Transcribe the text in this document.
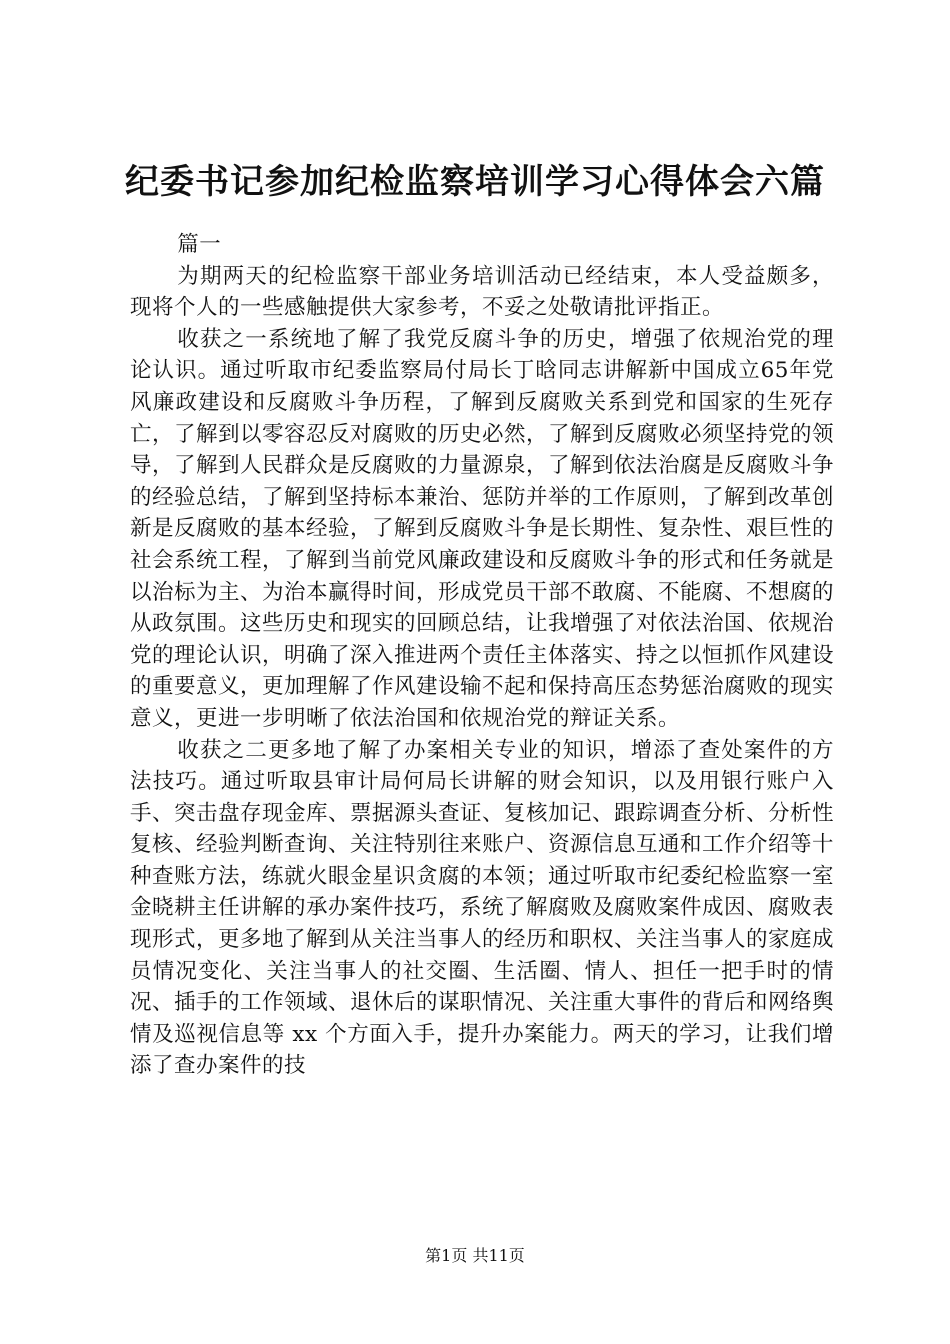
纪委书记参加纪检监察培训学习心得体会六篇

篇一

为期两天的纪检监察干部业务培训活动已经结束，本人受益颇多，现将个人的一些感触提供大家参考，不妥之处敬请批评指正。

收获之一系统地了解了我党反腐斗争的历史，增强了依规治党的理论认识。通过听取市纪委监察局付局长丁晗同志讲解新中国成立65年党风廉政建设和反腐败斗争历程，了解到反腐败关系到党和国家的生死存亡，了解到以零容忍反对腐败的历史必然，了解到反腐败必须坚持党的领导，了解到人民群众是反腐败的力量源泉，了解到依法治腐是反腐败斗争的经验总结，了解到坚持标本兼治、惩防并举的工作原则，了解到改革创新是反腐败的基本经验，了解到反腐败斗争是长期性、复杂性、艰巨性的社会系统工程，了解到当前党风廉政建设和反腐败斗争的形式和任务就是以治标为主、为治本赢得时间，形成党员干部不敢腐、不能腐、不想腐的从政氛围。这些历史和现实的回顾总结，让我增强了对依法治国、依规治党的理论认识，明确了深入推进两个责任主体落实、持之以恒抓作风建设的重要意义，更加理解了作风建设输不起和保持高压态势惩治腐败的现实意义，更进一步明晰了依法治国和依规治党的辩证关系。

收获之二更多地了解了办案相关专业的知识，增添了查处案件的方法技巧。通过听取县审计局何局长讲解的财会知识，以及用银行账户入手、突击盘存现金库、票据源头查证、复核加记、跟踪调查分析、分析性复核、经验判断查询、关注特别往来账户、资源信息互通和工作介绍等十种查账方法，练就火眼金星识贪腐的本领；通过听取市纪委纪检监察一室金晓耕主任讲解的承办案件技巧，系统了解腐败及腐败案件成因、腐败表现形式，更多地了解到从关注当事人的经历和职权、关注当事人的家庭成员情况变化、关注当事人的社交圈、生活圈、情人、担任一把手时的情况、插手的工作领域、退休后的谋职情况、关注重大事件的背后和网络舆情及巡视信息等 xx 个方面入手，提升办案能力。两天的学习，让我们增添了查办案件的技

第1页 共11页
